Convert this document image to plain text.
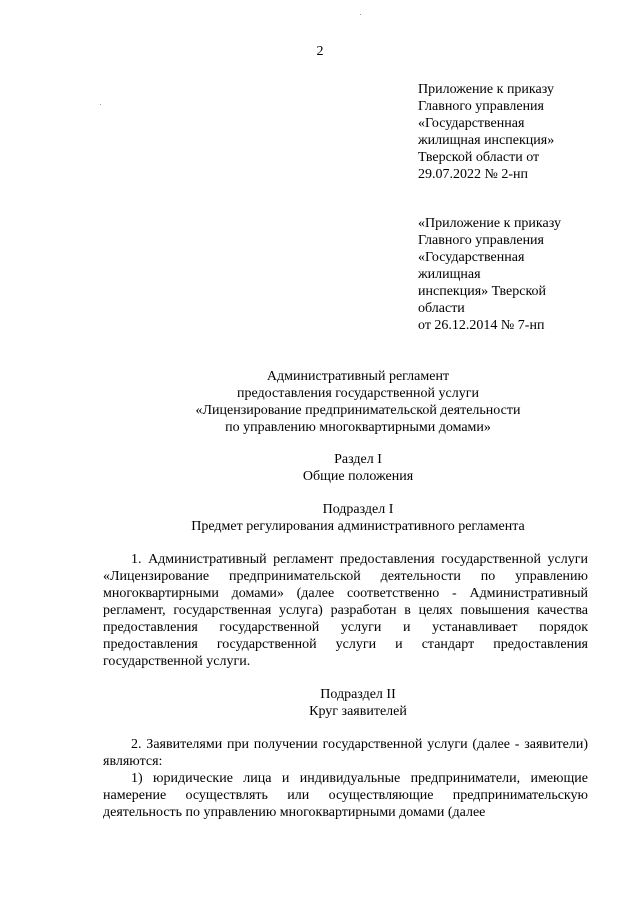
2
Приложение к приказу
Главного управления
«Государственная
жилищная инспекция»
Тверской области от
29.07.2022 № 2-нп
«Приложение к приказу
Главного управления
«Государственная
жилищная
инспекция» Тверской
области
от 26.12.2014 № 7-нп
Административный регламент
предоставления государственной услуги
«Лицензирование предпринимательской деятельности
по управлению многоквартирными домами»
Раздел I
Общие положения
Подраздел I
Предмет регулирования административного регламента

1. Административный регламент предоставления государственной услуги «Лицензирование предпринимательской деятельности по управлению многоквартирными домами» (далее соответственно - Административный регламент, государственная услуга) разработан в целях повышения качества предоставления государственной услуги и устанавливает порядок предоставления государственной услуги и стандарт предоставления государственной услуги.

Подраздел II
Круг заявителей

2. Заявителями при получении государственной услуги (далее - заявители) являются:

1) юридические лица и индивидуальные предприниматели, имеющие намерение осуществлять или осуществляющие предпринимательскую деятельность по управлению многоквартирными домами (далее
